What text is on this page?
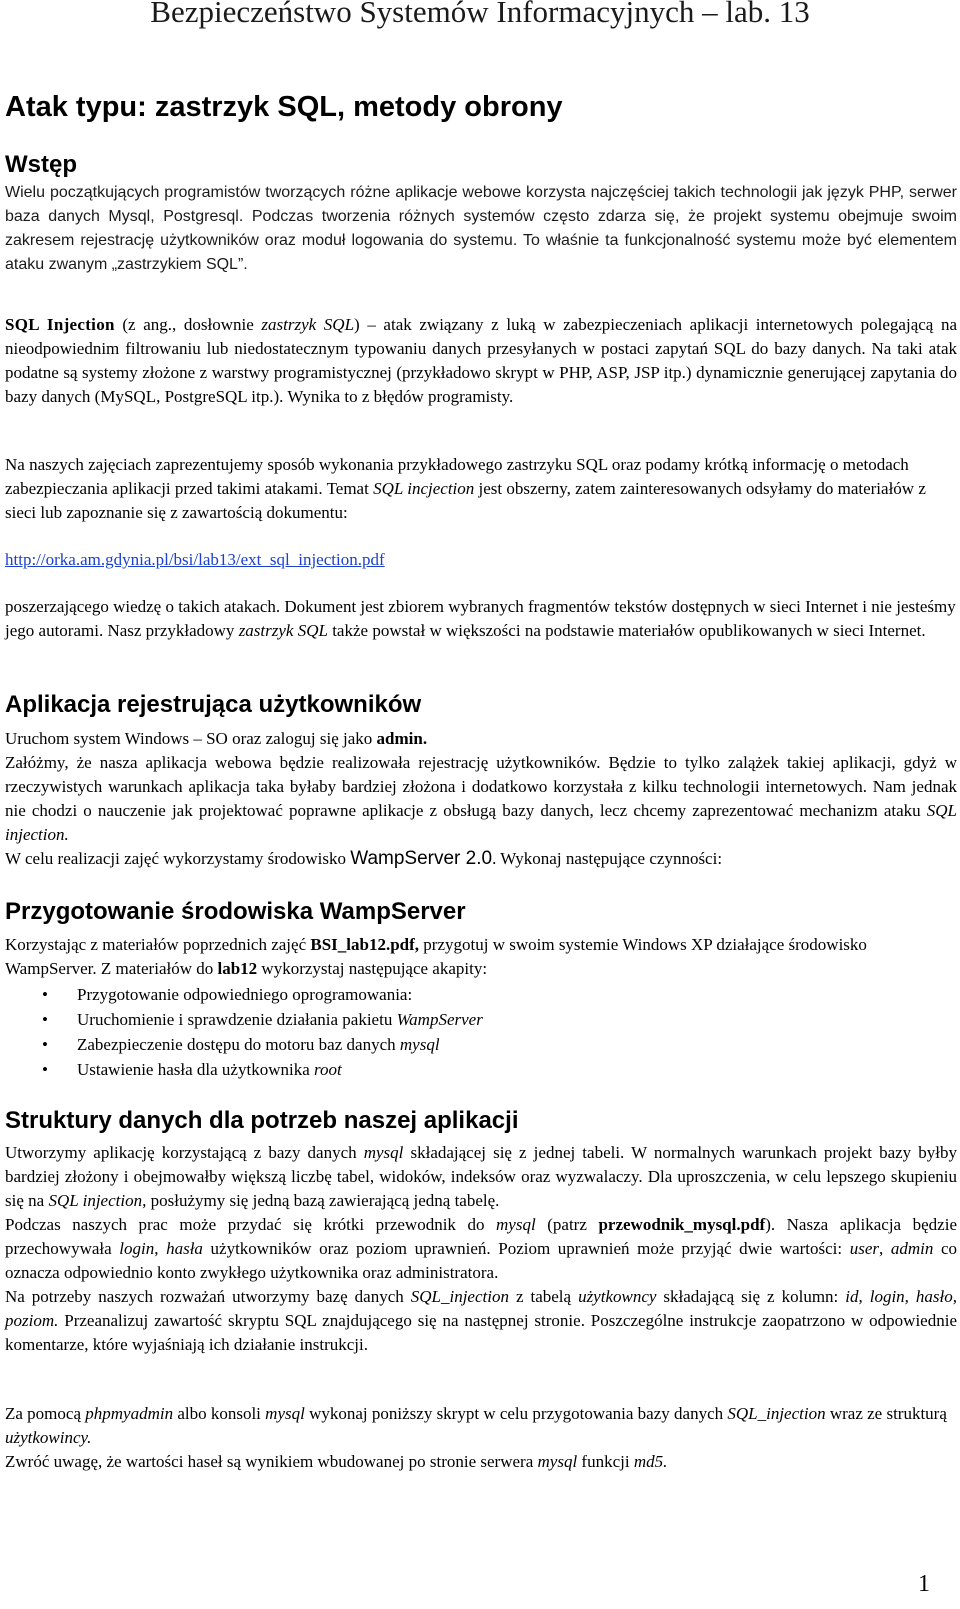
Bezpieczeństwo Systemów Informacyjnych – lab. 13
Atak typu: zastrzyk SQL, metody obrony
Wstęp
Wielu początkujących programistów tworzących różne aplikacje webowe korzysta najczęściej takich technologii jak język PHP, serwer baza danych Mysql, Postgresql. Podczas tworzenia różnych systemów często zdarza się, że projekt systemu obejmuje swoim zakresem rejestrację użytkowników oraz moduł logowania do systemu. To właśnie ta funkcjonalność systemu może być elementem ataku zwanym „zastrzykiem SQL”.
SQL Injection (z ang., dosłownie zastrzyk SQL) – atak związany z luką w zabezpieczeniach aplikacji internetowych polegającą na nieodpowiednim filtrowaniu lub niedostatecznym typowaniu danych przesyłanych w postaci zapytań SQL do bazy danych. Na taki atak podatne są systemy złożone z warstwy programistycznej (przykładowo skrypt w PHP, ASP, JSP itp.) dynamicznie generującej zapytania do bazy danych (MySQL, PostgreSQL itp.). Wynika to z błędów programisty.
Na naszych zajęciach zaprezentujemy sposób wykonania przykładowego zastrzyku SQL oraz podamy krótką informację o metodach zabezpieczania aplikacji przed takimi atakami. Temat SQL incjection jest obszerny, zatem zainteresowanych odsyłamy do materiałów z sieci lub zapoznanie się z zawartością dokumentu:
http://orka.am.gdynia.pl/bsi/lab13/ext_sql_injection.pdf
poszerzającego wiedzę o takich atakach. Dokument jest zbiorem wybranych fragmentów tekstów dostępnych w sieci Internet i nie jesteśmy jego autorami. Nasz przykładowy zastrzyk SQL także powstał w większości na podstawie materiałów opublikowanych w sieci Internet.
Aplikacja rejestrująca użytkowników

Uruchom system Windows – SO oraz zaloguj się jako admin.

Załóżmy, że nasza aplikacja webowa będzie realizowała rejestrację użytkowników. Będzie to tylko zalążek takiej aplikacji, gdyż w rzeczywistych warunkach aplikacja taka byłaby bardziej złożona i dodatkowo korzystała z kilku technologii internetowych. Nam jednak nie chodzi o nauczenie jak projektować poprawne aplikacje z obsługą bazy danych, lecz chcemy zaprezentować mechanizm ataku SQL injection.

W celu realizacji zajęć wykorzystamy środowisko WampServer 2.0. Wykonaj następujące czynności:

Przygotowanie środowiska WampServer
Korzystając z materiałów poprzednich zajęć BSI_lab12.pdf, przygotuj w swoim systemie Windows XP działające środowisko WampServer. Z materiałów do lab12 wykorzystaj następujące akapity:
• Przygotowanie odpowiedniego oprogramowania:
• Uruchomienie i sprawdzenie działania pakietu WampServer
• Zabezpieczenie dostępu do motoru baz danych mysql
• Ustawienie hasła dla użytkownika root
Struktury danych dla potrzeb naszej aplikacji

Utworzymy aplikację korzystającą z bazy danych mysql składającej się z jednej tabeli. W normalnych warunkach projekt bazy byłby bardziej złożony i obejmowałby większą liczbę tabel, widoków, indeksów oraz wyzwalaczy. Dla uproszczenia, w celu lepszego skupieniu się na SQL injection, posłużymy się jedną bazą zawierającą jedną tabelę.

Podczas naszych prac może przydać się krótki przewodnik do mysql (patrz przewodnik_mysql.pdf). Nasza aplikacja będzie przechowywała login, hasła użytkowników oraz poziom uprawnień. Poziom uprawnień może przyjąć dwie wartości: user, admin co oznacza odpowiednio konto zwykłego użytkownika oraz administratora.

Na potrzeby naszych rozważań utworzymy bazę danych SQL_injection z tabelą użytkowncy składającą się z kolumn: id, login, hasło, poziom. Przeanalizuj zawartość skryptu SQL znajdującego się na następnej stronie. Poszczególne instrukcje zaopatrzono w odpowiednie komentarze, które wyjaśniają ich działanie instrukcji.

Za pomocą phpmyadmin albo konsoli mysql wykonaj poniższy skrypt w celu przygotowania bazy danych SQL_injection wraz ze strukturą użytkowincy.

Zwróć uwagę, że wartości haseł są wynikiem wbudowanej po stronie serwera mysql funkcji md5.

1
